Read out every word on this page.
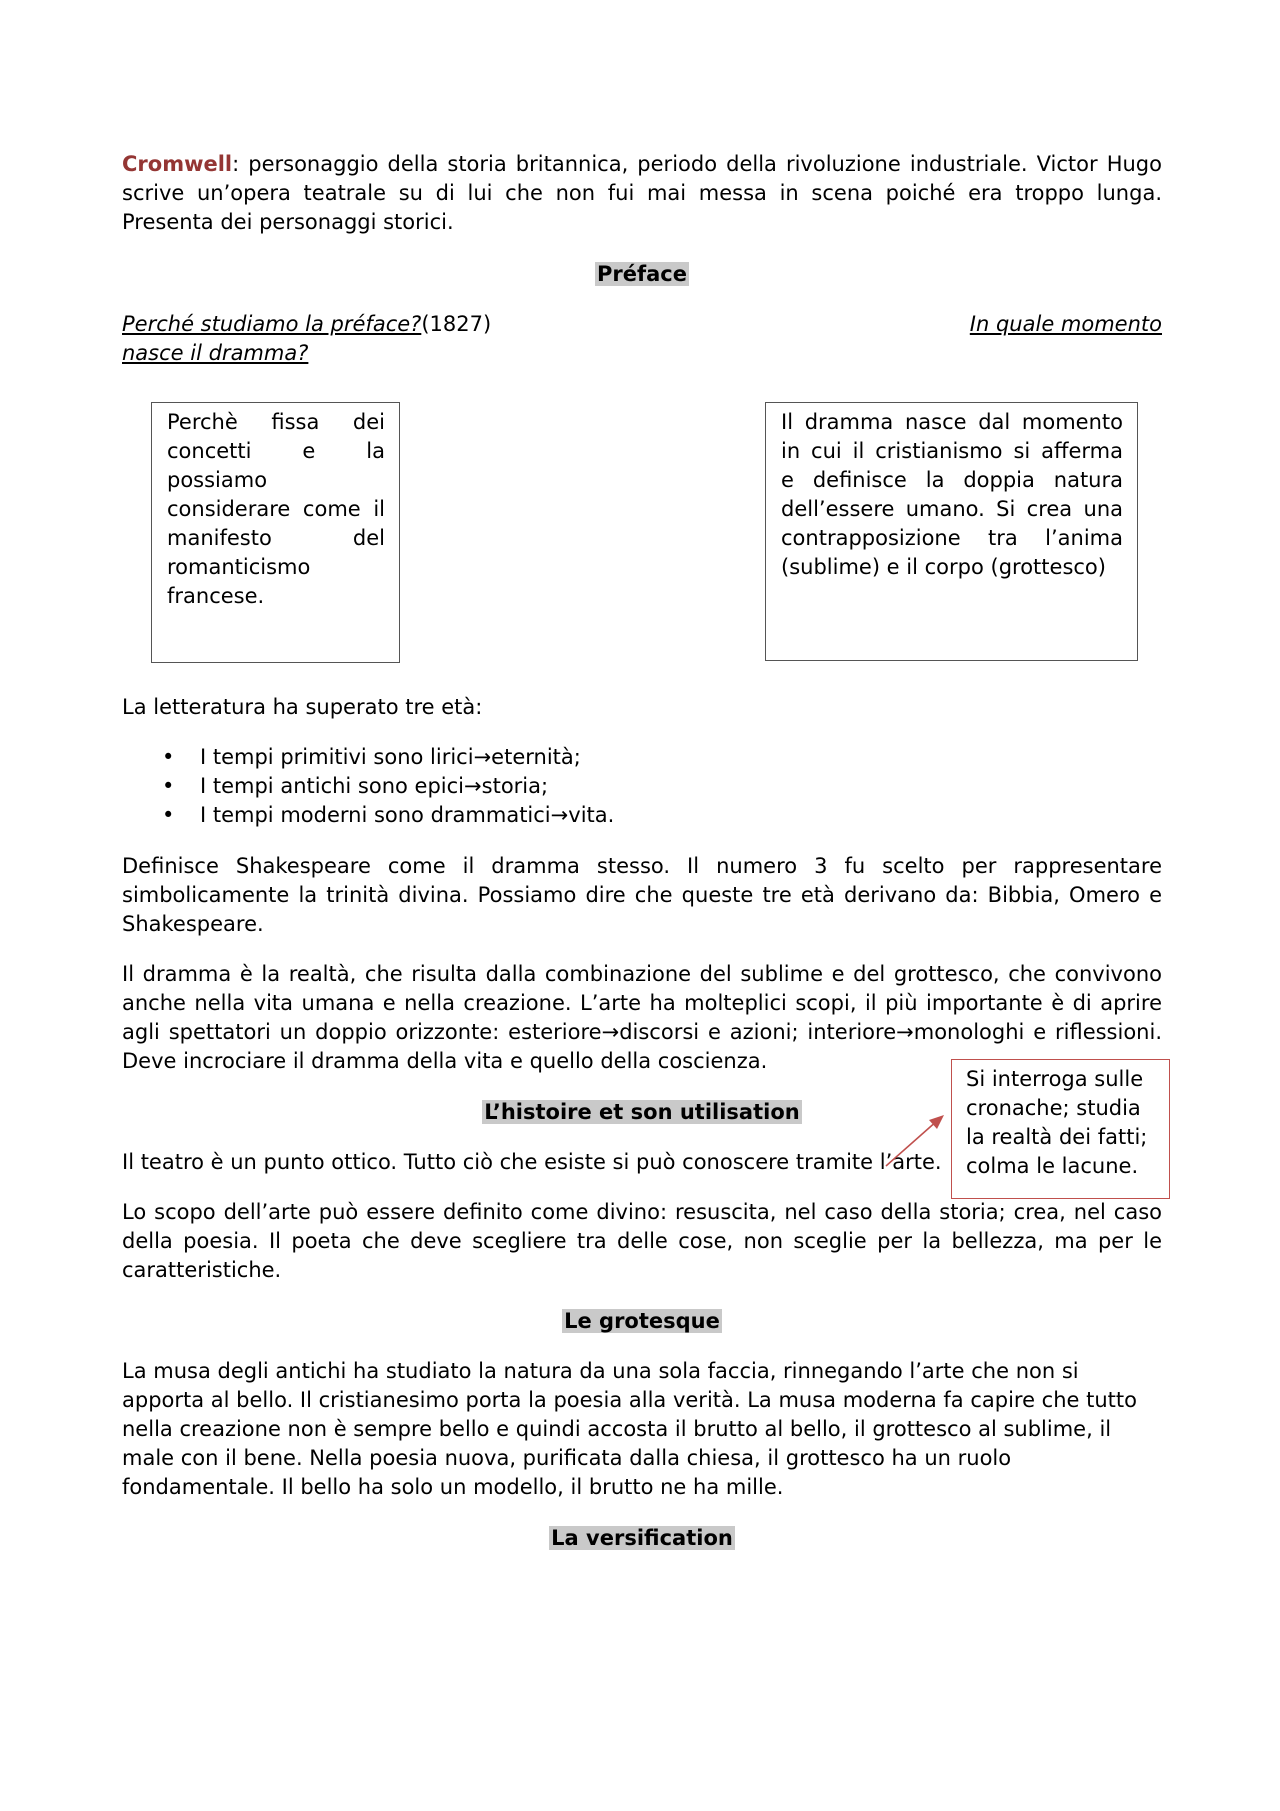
Cromwell: personaggio della storia britannica, periodo della rivoluzione industriale. Victor Hugo scrive un’opera teatrale su di lui che non fui mai messa in scena poiché era troppo lunga. Presenta dei personaggi storici.

Préface
Perché studiamo la préface?(1827)	In quale momento
nasce il dramma?
Perchè fissa dei
concetti e la
possiamo
considerare come il
manifesto del
romanticismo
francese.
Il dramma nasce dal momento
in cui il cristianismo si afferma
e definisce la doppia natura
dell’essere umano. Si crea una
contrapposizione tra l’anima
(sublime) e il corpo (grottesco)
La letteratura ha superato tre età:
• I tempi primitivi sono lirici→eternità;
• I tempi antichi sono epici→storia;
• I tempi moderni sono drammatici→vita.

Definisce Shakespeare come il dramma stesso. Il numero 3 fu scelto per rappresentare simbolicamente la trinità divina. Possiamo dire che queste tre età derivano da: Bibbia, Omero e Shakespeare.

Il dramma è la realtà, che risulta dalla combinazione del sublime e del grottesco, che convivono anche nella vita umana e nella creazione. L’arte ha molteplici scopi, il più importante è di aprire agli spettatori un doppio orizzonte: esteriore→discorsi e azioni; interiore→monologhi e riflessioni. Deve incrociare il dramma della vita e quello della coscienza.

L’histoire et son utilisation
Il teatro è un punto ottico. Tutto ciò che esiste si può conoscere tramite l’arte.
Si interroga sulle
cronache; studia
la realtà dei fatti;
colma le lacune.

Lo scopo dell’arte può essere definito come divino: resuscita, nel caso della storia; crea, nel caso della poesia. Il poeta che deve scegliere tra delle cose, non sceglie per la bellezza, ma per le caratteristiche.

Le grotesque

La musa degli antichi ha studiato la natura da una sola faccia, rinnegando l’arte che non si apporta al bello. Il cristianesimo porta la poesia alla verità. La musa moderna fa capire che tutto nella creazione non è sempre bello e quindi accosta il brutto al bello, il grottesco al sublime, il male con il bene. Nella poesia nuova, purificata dalla chiesa, il grottesco ha un ruolo fondamentale. Il bello ha solo un modello, il brutto ne ha mille.

La versification
